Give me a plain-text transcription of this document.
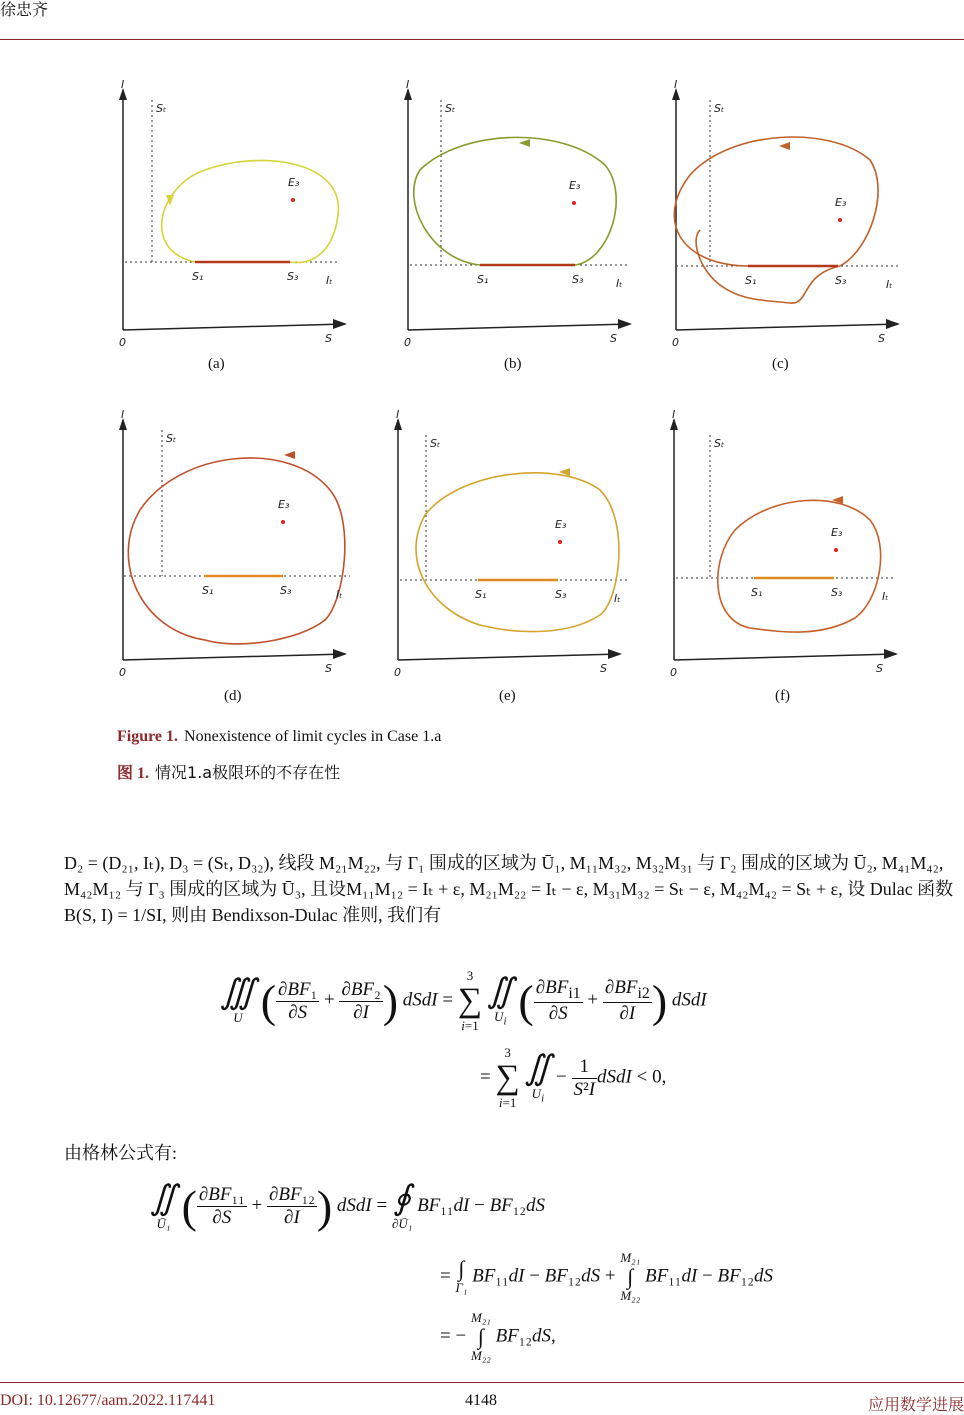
徐忠齐
E₃
S₁	S₃	Iₜ
Sₜ
I
S
0
(a)
E₃
S₁	S₃	Iₜ
Sₜ
I
S
0
(b)
E₃
S₁	S₃	Iₜ
Sₜ
I
S
0
(c)
E₃
S₁	S₃	Iₜ
Sₜ
I
S
0
(d)
E₃
S₁	S₃	Iₜ
Sₜ
I
S
0
(e)
E₃
S₁	S₃	Iₜ
Sₜ
I
S
0
(f)
Figure 1. Nonexistence of limit cycles in Case 1.a
图 1. 情况1.a极限环的不存在性
D₂ = (D₂₁, Iₜ), D₃ = (Sₜ, D₃₂), 线段 M₂₁M₂₂, 与 Γ₁ 围成的区域为 Ū₁, M₁₁M₃₂, M₃₂M₃₁ 与 Γ₂ 围成的区域为 Ū₂, M₄₁M₄₂, M₄₂M₁₂ 与 Γ₃ 围成的区域为 Ū₃, 且设M₁₁M₁₂ = Iₜ + ε, M₂₁M₂₂ = Iₜ − ε, M₃₁M₃₂ = Sₜ − ε, M₄₂M₄₂ = Sₜ + ε, 设 Dulac 函数 B(S, I) = 1/SI, 则由 Bendixson-Dulac 准则, 我们有
∭
U ( $\frac{\text{∂BF₁}}{\partial S} + \frac{\text{∂BF₂}}{\partial I}$ ) dSdI = 3
∑
i=1
∬
$U_i$ ( $\frac{\partial BF_{i1}}{\partial S} + \frac{\partial BF_{i2}}{\partial I}$ ) dSdI
= 3
∑
i=1
∬
$U_i$
− $\frac{1}{\text{S²I}}$ dSdI < 0,
由格林公式有:
∬
Ū₁ ( $\frac{\text{∂BF₁₁}}{\partial S} + \frac{\text{∂BF₁₂}}{\partial I}$ ) dSdI = ∮
∂Ū₁
BF₁₁dI − BF₁₂dS
= ∫
Γ₁
BF₁₁dI − BF₁₂dS +
M₂₁
∫
M₂₂
BF₁₁dI − BF₁₂dS
= −
M₂₁
∫
M₂₂
BF₁₂dS,
DOI: 10.12677/aam.2022.117441	4148	应用数学进展
